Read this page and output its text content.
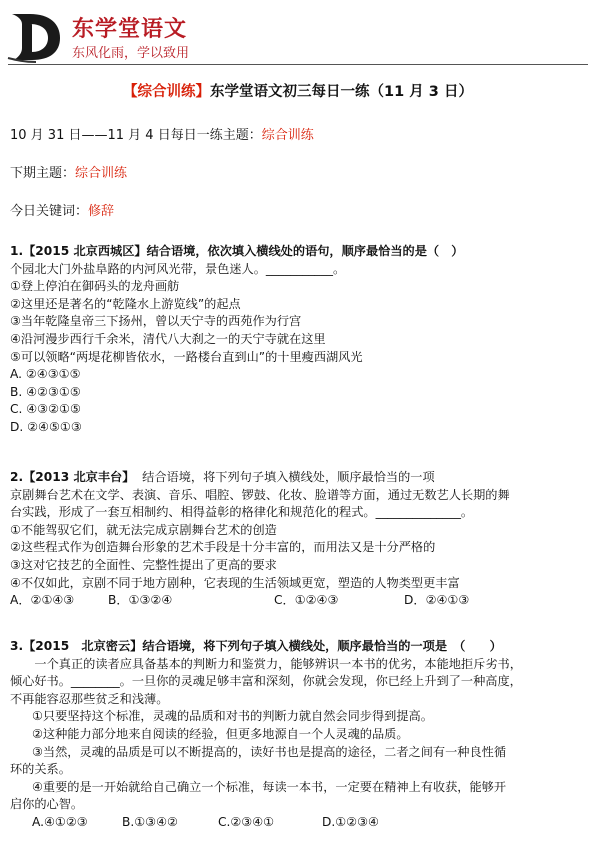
东学堂语文
东风化雨，学以致用
【综合训练】东学堂语文初三每日一练（11 月 3 日）
10 月 31 日——11 月 4 日每日一练主题：综合训练
下期主题：综合训练
今日关键词：修辞
1.【2015 北京西城区】结合语境，依次填入横线处的语句，顺序最恰当的是（　）
个园北大门外盐阜路的内河风光带，景色迷人。___________。
①登上停泊在御码头的龙舟画舫
②这里还是著名的“乾隆水上游览线”的起点
③当年乾隆皇帝三下扬州，曾以天宁寺的西苑作为行宫
④沿河漫步西行千余米，清代八大刹之一的天宁寺就在这里
⑤可以领略“两堤花柳皆依水，一路楼台直到山”的十里瘦西湖风光
A. ②④③①⑤
B. ④②③①⑤
C. ④③②①⑤
D. ②④⑤①③
2.【2013 北京丰台】 结合语境，将下列句子填入横线处，顺序最恰当的一项
京剧舞台艺术在文学、表演、音乐、唱腔、锣鼓、化妆、脸谱等方面，通过无数艺人长期的舞
台实践，形成了一套互相制约、相得益彰的格律化和规范化的程式。______________。
①不能驾驭它们，就无法完成京剧舞台艺术的创造
②这些程式作为创造舞台形象的艺术手段是十分丰富的，而用法又是十分严格的
③这对它技艺的全面性、完整性提出了更高的要求
④不仅如此，京剧不同于地方剧种，它表现的生活领域更宽，塑造的人物类型更丰富
A．②①④③	B．①③②④	C．①②④③	D．②④①③
3.【2015　北京密云】结合语境，将下列句子填入横线处，顺序最恰当的一项是　（　　）
一个真正的读者应具备基本的判断力和鉴赏力，能够辨识一本书的优劣，本能地拒斥劣书，
倾心好书。________。一旦你的灵魂足够丰富和深刻，你就会发现，你已经上升到了一种高度，
不再能容忍那些贫乏和浅薄。
①只要坚持这个标准，灵魂的品质和对书的判断力就自然会同步得到提高。
②这种能力部分地来自阅读的经验，但更多地源自一个人灵魂的品质。
③当然，灵魂的品质是可以不断提高的，读好书也是提高的途径，二者之间有一种良性循
环的关系。
④重要的是一开始就给自己确立一个标准，每读一本书，一定要在精神上有收获，能够开
启你的心智。
A.④①②③	B.①③④②	C.②③④①	D.①②③④
